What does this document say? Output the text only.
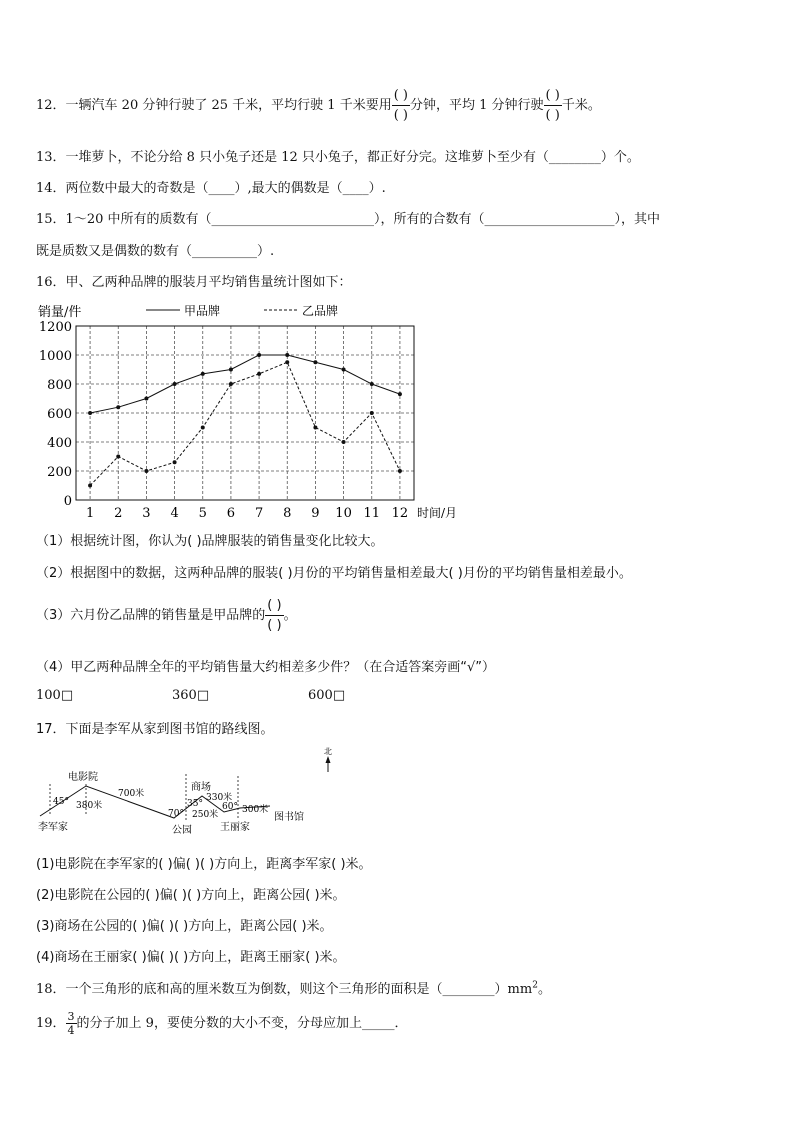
12．一辆汽车 20 分钟行驶了 25 千米，平均行驶 1 千米要用 $\frac{( )}{( )}$ 分钟，平均 1 分钟行驶 $\frac{( )}{( )}$ 千米。
13．一堆萝卜，不论分给 8 只小兔子还是 12 只小兔子，都正好分完。这堆萝卜至少有（________）个。
14．两位数中最大的奇数是（____）,最大的偶数是（____）.
15．1～20 中所有的质数有（_________________________），所有的合数有（____________________），其中
既是质数又是偶数的数有（__________）.
16．甲、乙两种品牌的服装月平均销售量统计图如下：
0
200
400
600
800
1000
1200
1 2 3 4 5 6 7 8 9 10 11 12
销量/件
时间/月
甲品牌	乙品牌
（1）根据统计图，你认为( )品牌服装的销售量变化比较大。
（2）根据图中的数据，这两种品牌的服装( )月份的平均销售量相差最大( )月份的平均销售量相差最小。
（3）六月份乙品牌的销售量是甲品牌的 $\frac{( )}{( )}$ 。
（4）甲乙两种品牌全年的平均销售量大约相差多少件？（在合适答案旁画“√”）
100□	360□	600□
17．下面是李军从家到图书馆的路线图。
北
电影院
45° 380米
700米
李军家
70°
公园
商场
35°
250米
330米
60° 300米
王丽家
图书馆
(1)电影院在李军家的( )偏( )( )方向上，距离李军家( )米。
(2)电影院在公园的( )偏( )( )方向上，距离公园( )米。
(3)商场在公园的( )偏( )( )方向上，距离公园( )米。
(4)商场在王丽家( )偏( )( )方向上，距离王丽家( )米。
18．一个三角形的底和高的厘米数互为倒数，则这个三角形的面积是$(\_\_\_\_\_\_\_\_)mm^2$。
19． $\frac{3}{4}$ 的分子加上 9，要使分数的大小不变，分母应加上_____．
